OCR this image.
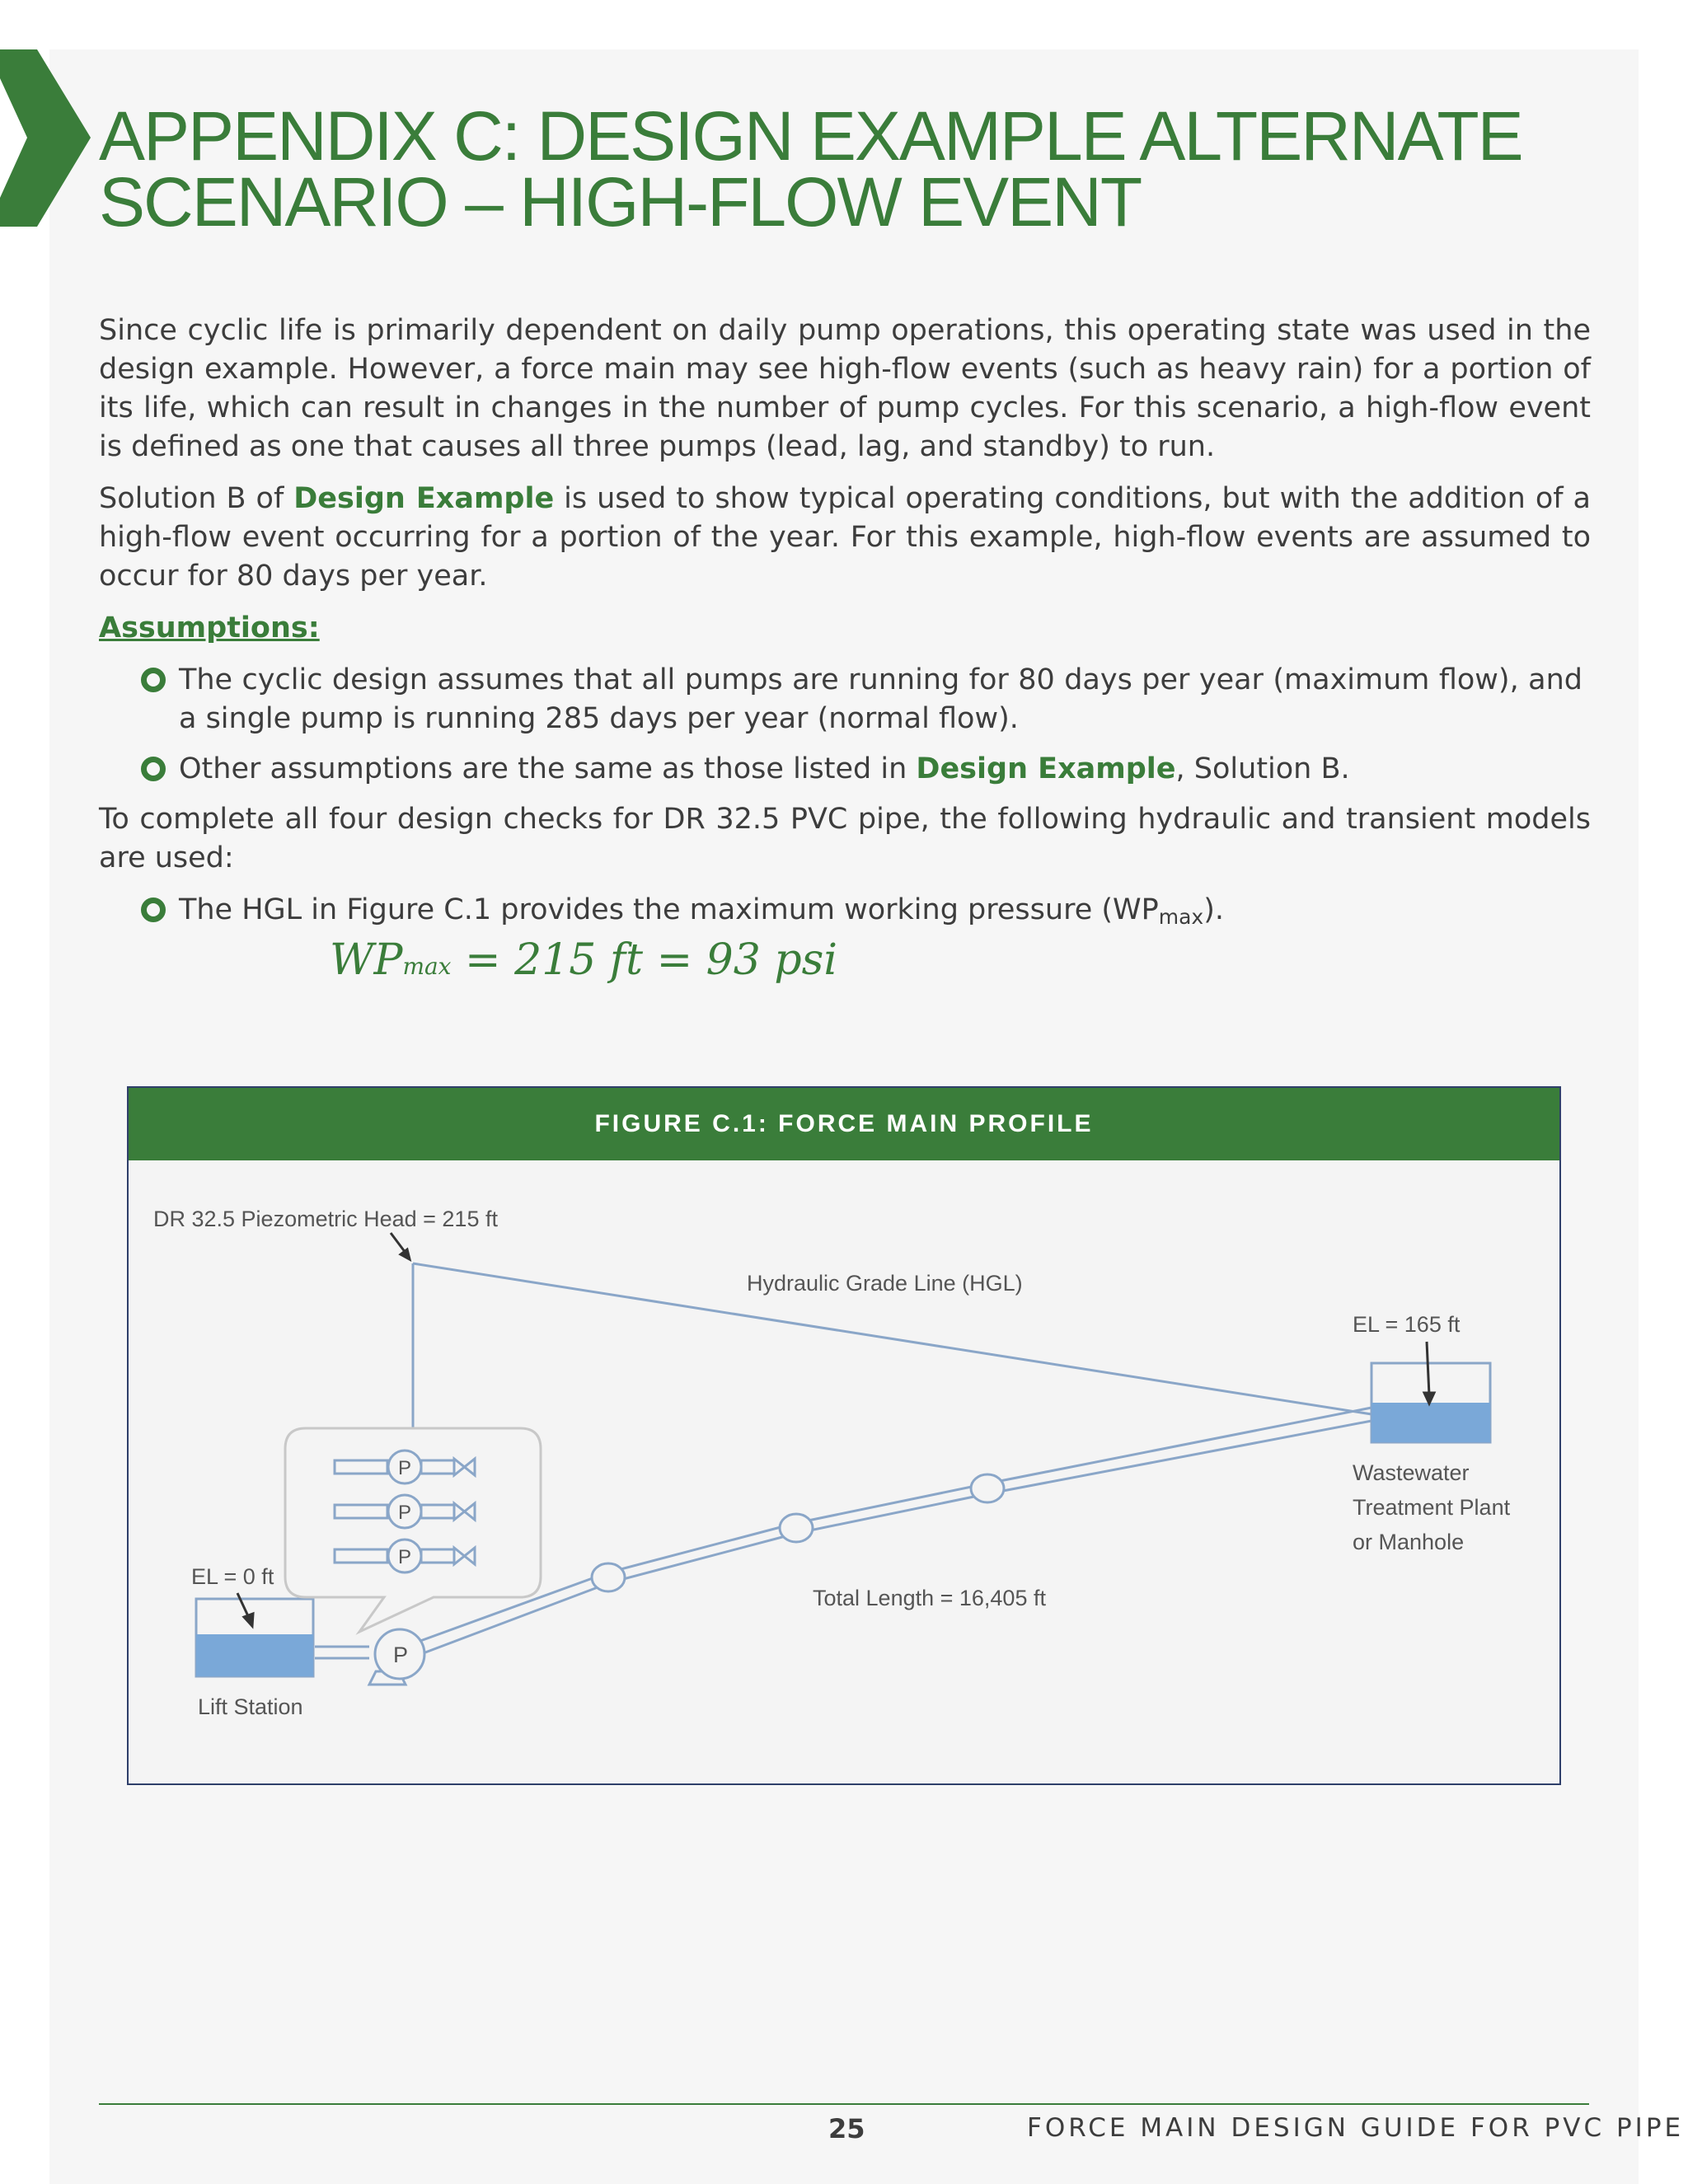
APPENDIX C: DESIGN EXAMPLE ALTERNATE
SCENARIO – HIGH-FLOW EVENT

Since cyclic life is primarily dependent on daily pump operations, this operating state was used in the design example. However, a force main may see high-flow events (such as heavy rain) for a portion of its life, which can result in changes in the number of pump cycles. For this scenario, a high-flow event is defined as one that causes all three pumps (lead, lag, and standby) to run.

Solution B of Design Example is used to show typical operating conditions, but with the addition of a high-flow event occurring for a portion of the year. For this example, high-flow events are assumed to occur for 80 days per year.

Assumptions:

The cyclic design assumes that all pumps are running for 80 days per year (maximum flow), and a single pump is running 285 days per year (normal flow).
Other assumptions are the same as those listed in Design Example, Solution B.

To complete all four design checks for DR 32.5 PVC pipe, the following hydraulic and transient models are used:

The HGL in Figure C.1 provides the maximum working pressure $(WP_{max})$.
WPmax = 215 ft = 93 psi
FIGURE C.1: FORCE MAIN PROFILE
P
P
P
P
DR 32.5 Piezometric Head = 215 ft
Hydraulic Grade Line (HGL)
EL = 165 ft
Wastewater
Treatment Plant
or Manhole
EL = 0 ft
Lift Station
Total Length = 16,405 ft
25	FORCE MAIN DESIGN GUIDE FOR PVC PIPE
